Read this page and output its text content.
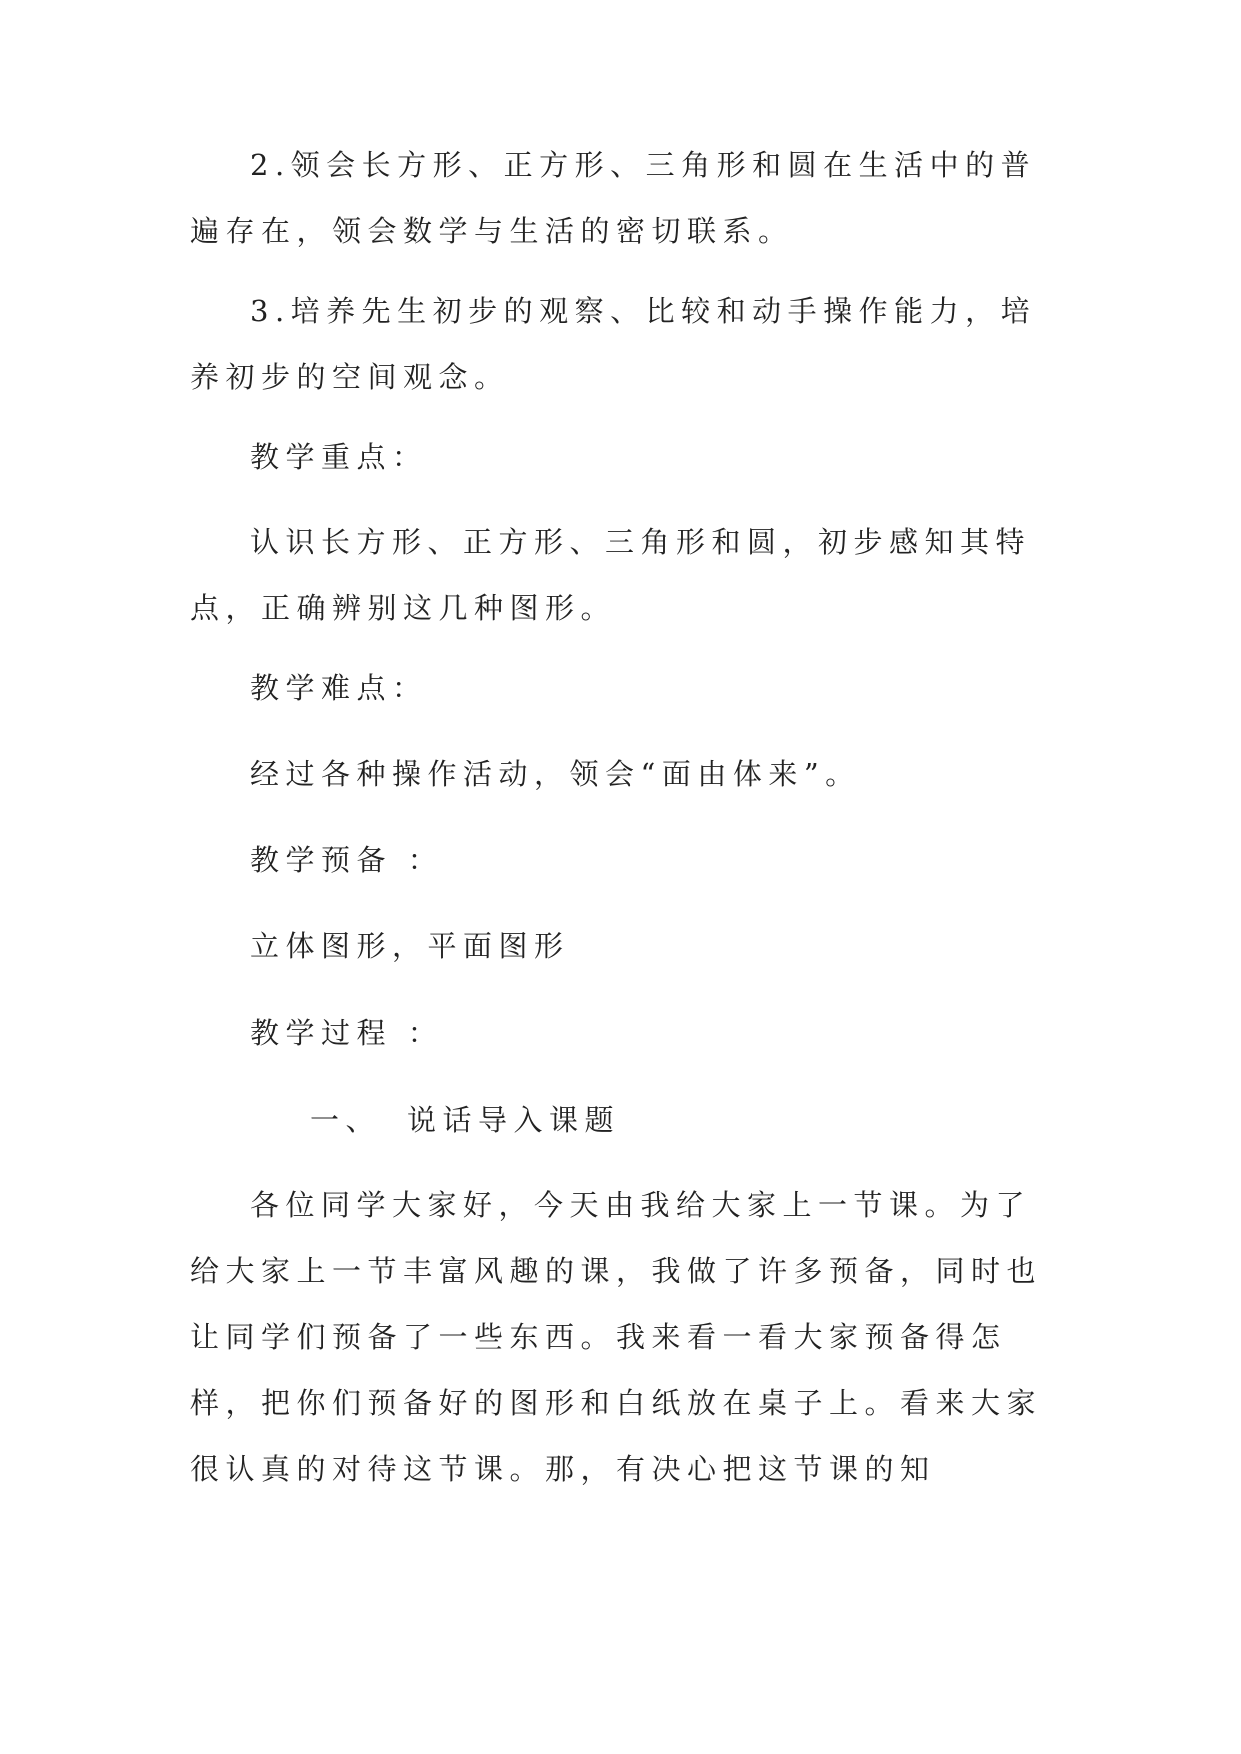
2.领会长方形、正方形、三角形和圆在生活中的普遍存在，领会数学与生活的密切联系。

3.培养先生初步的观察、比较和动手操作能力，培养初步的空间观念。

教学重点：

认识长方形、正方形、三角形和圆，初步感知其特点，正确辨别这几种图形。

教学难点：

经过各种操作活动，领会“面由体来”。

教学预备 ：

立体图形，平面图形

教学过程 ：

一、 说话导入课题

各位同学大家好，今天由我给大家上一节课。为了给大家上一节丰富风趣的课，我做了许多预备，同时也让同学们预备了一些东西。我来看一看大家预备得怎样，把你们预备好的图形和白纸放在桌子上。看来大家很认真的对待这节课。那，有决心把这节课的知
